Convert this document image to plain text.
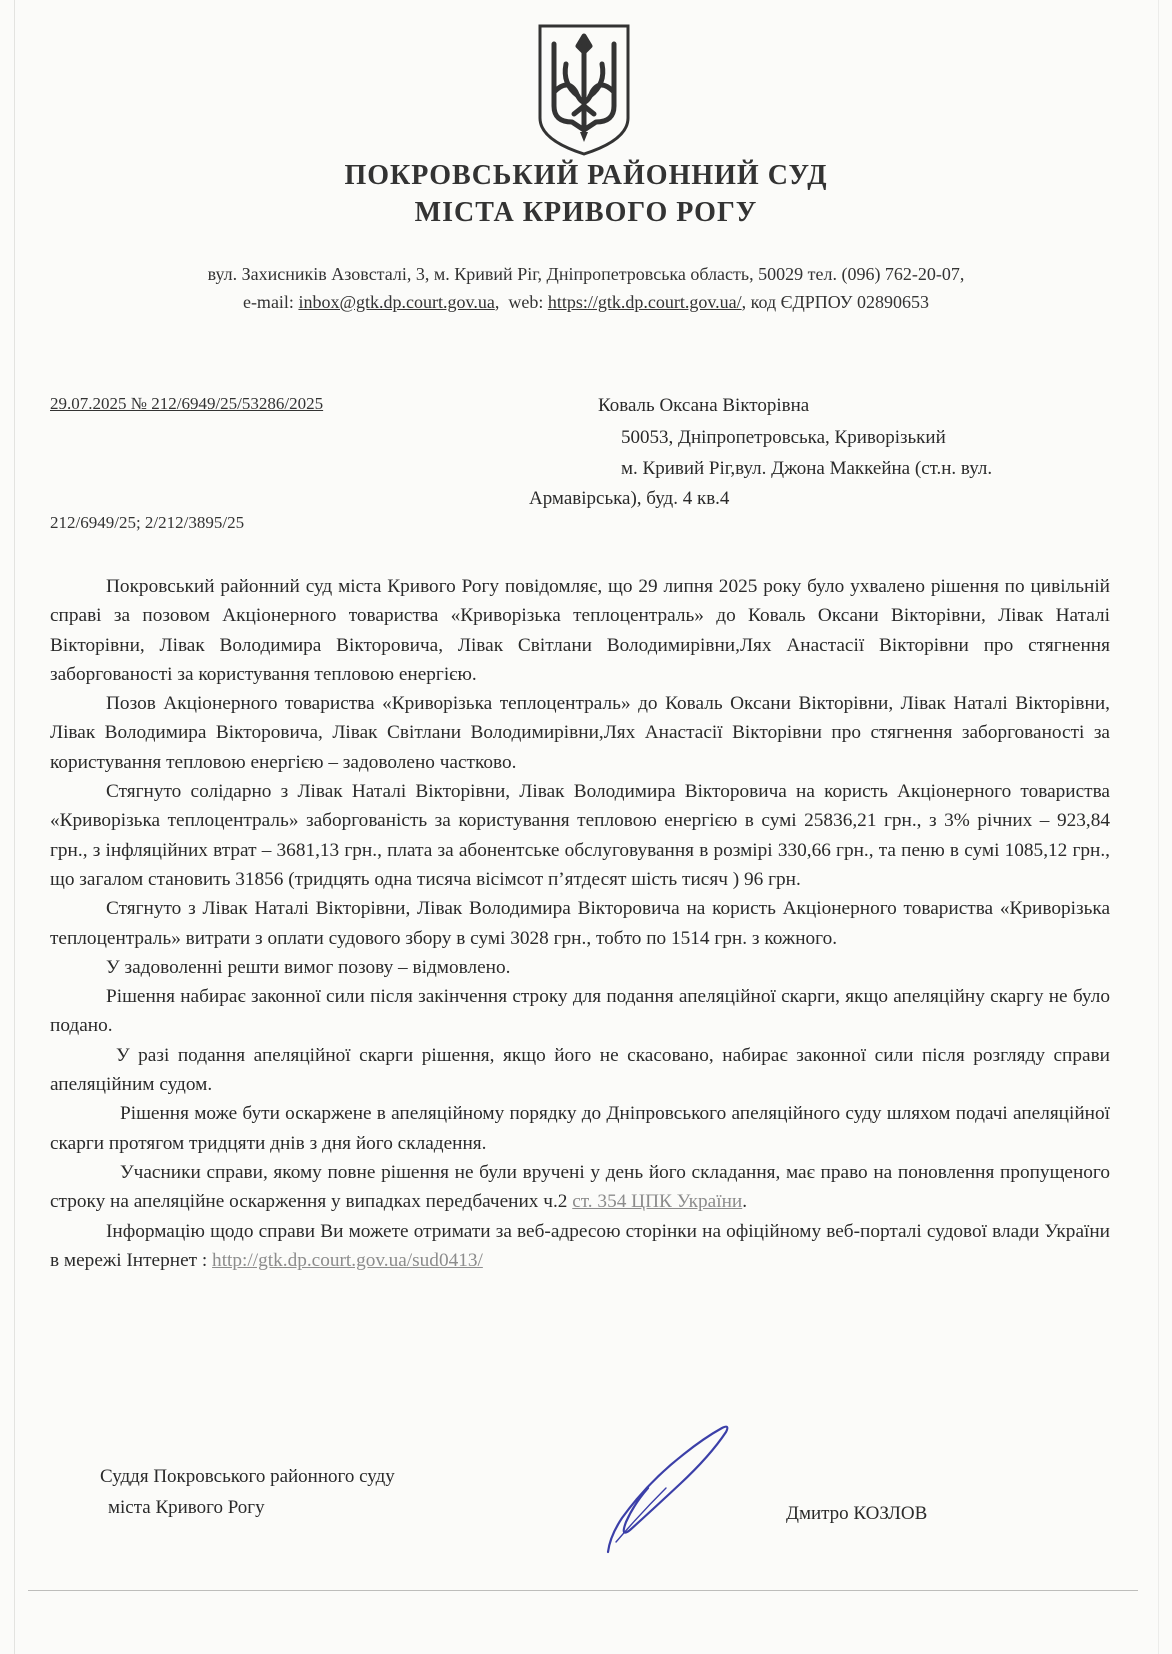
ПОКРОВСЬКИЙ РАЙОННИЙ СУД
МІСТА КРИВОГО РОГУ
вул. Захисників Азовсталі, 3, м. Кривий Ріг, Дніпропетровська область, 50029 тел. (096) 762-20-07,
e-mail: inbox@gtk.dp.court.gov.ua,  web: https://gtk.dp.court.gov.ua/, код ЄДРПОУ 02890653
29.07.2025 № 212/6949/25/53286/2025
212/6949/25; 2/212/3895/25
Коваль Оксана Вікторівна
50053, Дніпропетровська, Криворізький
м. Кривий Ріг,вул. Джона Маккейна (ст.н. вул.
Армавірська), буд. 4 кв.4

Покровський районний суд міста Кривого Рогу повідомляє, що 29 липня 2025 року було ухвалено рішення по цивільній справі за позовом Акціонерного товариства «Криворізька теплоцентраль» до Коваль Оксани Вікторівни, Лівак Наталі Вікторівни, Лівак Володимира Вікторовича, Лівак Світлани Володимирівни,Лях Анастасії Вікторівни про стягнення заборгованості за користування тепловою енергією.

Позов Акціонерного товариства «Криворізька теплоцентраль» до Коваль Оксани Вікторівни, Лівак Наталі Вікторівни, Лівак Володимира Вікторовича, Лівак Світлани Володимирівни,Лях Анастасії Вікторівни про стягнення заборгованості за користування тепловою енергією – задоволено частково.

Стягнуто солідарно з Лівак Наталі Вікторівни, Лівак Володимира Вікторовича на користь Акціонерного товариства «Криворізька теплоцентраль» заборгованість за користування тепловою енергією в сумі 25836,21 грн., з 3% річних – 923,84 грн., з інфляційних втрат – 3681,13 грн., плата за абонентське обслуговування в розмірі 330,66 грн., та пеню в сумі 1085,12 грн., що загалом становить 31856 (тридцять одна тисяча вісімсот п’ятдесят шість тисяч ) 96 грн.

Стягнуто з Лівак Наталі Вікторівни, Лівак Володимира Вікторовича на користь Акціонерного товариства «Криворізька теплоцентраль» витрати з оплати судового збору в сумі 3028 грн., тобто по 1514 грн. з кожного.

У задоволенні решти вимог позову – відмовлено.

Рішення набирає законної сили після закінчення строку для подання апеляційної скарги, якщо апеляційну скаргу не було подано.

У разі подання апеляційної скарги рішення, якщо його не скасовано, набирає законної сили після розгляду справи апеляційним судом.

Рішення може бути оскаржене в апеляційному порядку до Дніпровського апеляційного суду шляхом подачі апеляційної скарги протягом тридцяти днів з дня його складення.

Учасники справи, якому повне рішення не були вручені у день його складання, має право на поновлення пропущеного строку на апеляційне оскарження у випадках передбачених ч.2 ст. 354 ЦПК України.

Інформацію щодо справи Ви можете отримати за веб-адресою сторінки на офіційному веб-порталі судової влади України в мережі Інтернет : http://gtk.dp.court.gov.ua/sud0413/

Суддя Покровського районного суду
міста Кривого Рогу	Дмитро КОЗЛОВ
